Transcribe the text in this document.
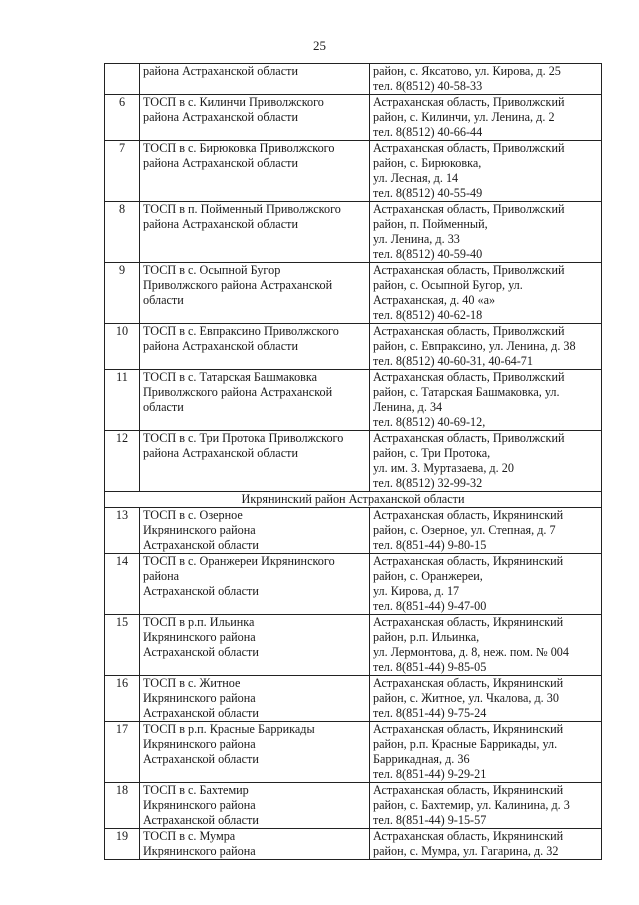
25

	района Астраханской области	район, с. Яксатово, ул. Кирова, д. 25
тел. 8(8512) 40-58-33

6	ТОСП в с. Килинчи Приволжского
района Астраханской области	Астраханская область, Приволжский
район, с. Килинчи, ул. Ленина, д. 2
тел. 8(8512) 40-66-44

7	ТОСП в с. Бирюковка Приволжского
района Астраханской области	Астраханская область, Приволжский
район, с. Бирюковка,
ул. Лесная, д. 14
тел. 8(8512) 40-55-49

8	ТОСП в п. Пойменный Приволжского
района Астраханской области	Астраханская область, Приволжский
район, п. Пойменный,
ул. Ленина, д. 33
тел. 8(8512) 40-59-40

9	ТОСП в с. Осыпной Бугор
Приволжского района Астраханской
области	Астраханская область, Приволжский
район, с. Осыпной Бугор, ул.
Астраханская, д. 40 «а»
тел. 8(8512) 40-62-18

10	ТОСП в с. Евпраксино Приволжского
района Астраханской области	Астраханская область, Приволжский
район, с. Евпраксино, ул. Ленина, д. 38
тел. 8(8512) 40-60-31, 40-64-71

11	ТОСП в с. Татарская Башмаковка
Приволжского района Астраханской
области	Астраханская область, Приволжский
район, с. Татарская Башмаковка, ул.
Ленина, д. 34
тел. 8(8512) 40-69-12,

12	ТОСП в с. Три Протока Приволжского
района Астраханской области	Астраханская область, Приволжский
район, с. Три Протока,
ул. им. З. Муртазаева, д. 20
тел. 8(8512) 32-99-32

Икрянинский район Астраханской области		
13	ТОСП в с. Озерное
Икрянинского района
Астраханской области	Астраханская область, Икрянинский
район, с. Озерное, ул. Степная, д. 7
тел. 8(851-44) 9-80-15

14	ТОСП в с. Оранжереи Икрянинского
района
Астраханской области	Астраханская область, Икрянинский
район, с. Оранжереи,
ул. Кирова, д. 17
тел. 8(851-44) 9-47-00

15	ТОСП в р.п. Ильинка
Икрянинского района
Астраханской области	Астраханская область, Икрянинский
район, р.п. Ильинка,
ул. Лермонтова, д. 8, неж. пом. № 004
тел. 8(851-44) 9-85-05

16	ТОСП в с. Житное
Икрянинского района
Астраханской области	Астраханская область, Икрянинский
район, с. Житное, ул. Чкалова, д. 30
тел. 8(851-44) 9-75-24

17	ТОСП в р.п. Красные Баррикады
Икрянинского района
Астраханской области	Астраханская область, Икрянинский
район, р.п. Красные Баррикады, ул.
Баррикадная, д. 36
тел. 8(851-44) 9-29-21

18	ТОСП в с. Бахтемир
Икрянинского района
Астраханской области	Астраханская область, Икрянинский
район, с. Бахтемир, ул. Калинина, д. 3
тел. 8(851-44) 9-15-57

19	ТОСП в с. Мумра
Икрянинского района	Астраханская область, Икрянинский
район, с. Мумра, ул. Гагарина, д. 32
